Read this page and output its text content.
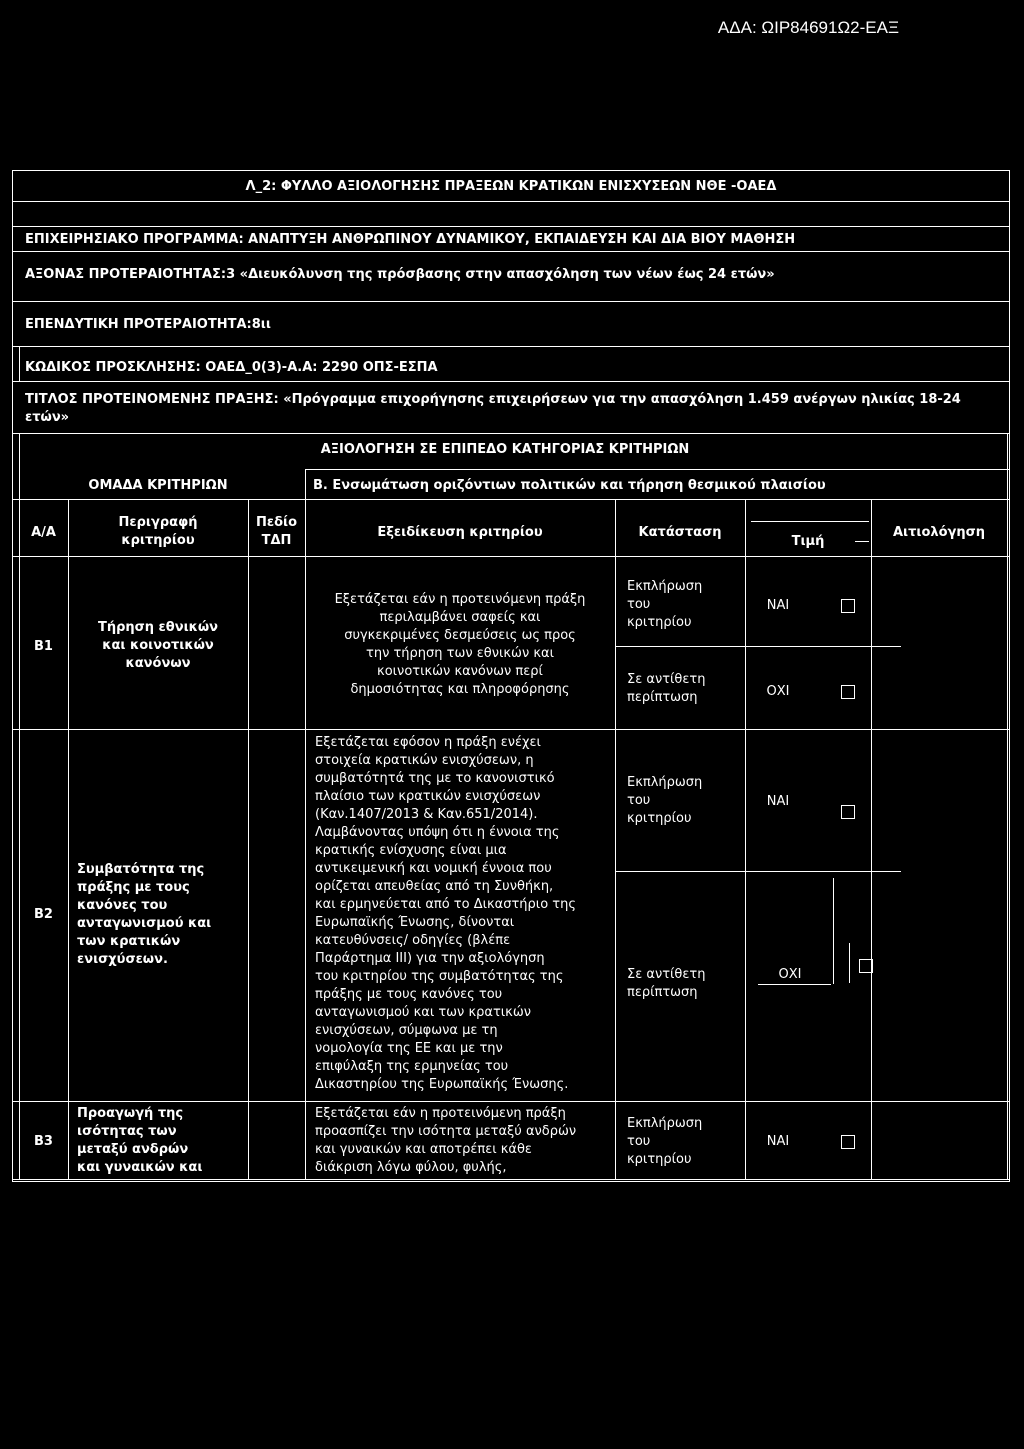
ΑΔΑ: ΩΙΡ84691Ω2-ΕΑΞ
Λ_2: ΦΥΛΛΟ ΑΞΙΟΛΟΓΗΣΗΣ ΠΡΑΞΕΩΝ ΚΡΑΤΙΚΩΝ ΕΝΙΣΧΥΣΕΩΝ ΝΘΕ -ΟΑΕΔ
ΕΠΙΧΕΙΡΗΣΙΑΚΟ ΠΡΟΓΡΑΜΜΑ: ΑΝΑΠΤΥΞΗ ΑΝΘΡΩΠΙΝΟΥ ΔΥΝΑΜΙΚΟΥ, ΕΚΠΑΙΔΕΥΣΗ ΚΑΙ ΔΙΑ ΒΙΟΥ ΜΑΘΗΣΗ
ΑΞΟΝΑΣ ΠΡΟΤΕΡΑΙΟΤΗΤΑΣ:3 «Διευκόλυνση της πρόσβασης στην απασχόληση των νέων έως 24 ετών»
ΕΠΕΝΔΥΤΙΚΗ ΠΡΟΤΕΡΑΙΟΤΗΤΑ:8ιι
ΚΩΔΙΚΟΣ ΠΡΟΣΚΛΗΣΗΣ: ΟΑΕΔ_0(3)-Α.Α: 2290 ΟΠΣ-ΕΣΠΑ
ΤΙΤΛΟΣ ΠΡΟΤΕΙΝΟΜΕΝΗΣ ΠΡΑΞΗΣ: «Πρόγραμμα επιχορήγησης επιχειρήσεων για την απασχόληση 1.459 ανέργων ηλικίας 18-24 ετών»
ΑΞΙΟΛΟΓΗΣΗ ΣΕ ΕΠΙΠΕΔΟ ΚΑΤΗΓΟΡΙΑΣ ΚΡΙΤΗΡΙΩΝ
ΟΜΑΔΑ ΚΡΙΤΗΡΙΩΝ	Β. Ενσωμάτωση οριζόντιων πολιτικών και τήρηση θεσμικού πλαισίου
Α/Α
Περιγραφή
κριτηρίου
Πεδίο
ΤΔΠ
Εξειδίκευση κριτηρίου	Κατάσταση
Τιμή
Αιτιολόγηση
Β1
Τήρηση εθνικών
και κοινοτικών
κανόνων
Εξετάζεται εάν η προτεινόμενη πράξη
περιλαμβάνει σαφείς και
συγκεκριμένες δεσμεύσεις ως προς
την τήρηση των εθνικών και
κοινοτικών κανόνων περί
δημοσιότητας και πληροφόρησης
Εκπλήρωση
του
κριτηρίου
Σε αντίθετη
περίπτωση
ΝΑΙ
ΟΧΙ
Β2
Συμβατότητα της
πράξης με τους
κανόνες του
ανταγωνισμού και
των κρατικών
ενισχύσεων.
Εξετάζεται εφόσον η πράξη ενέχει
στοιχεία κρατικών ενισχύσεων, η
συμβατότητά της με το κανονιστικό
πλαίσιο των κρατικών ενισχύσεων
(Καν.1407/2013 & Καν.651/2014).
Λαμβάνοντας υπόψη ότι η έννοια της
κρατικής ενίσχυσης είναι μια
αντικειμενική και νομική έννοια που
ορίζεται απευθείας από τη Συνθήκη,
και ερμηνεύεται από το Δικαστήριο της
Ευρωπαϊκής Ένωσης, δίνονται
κατευθύνσεις/ οδηγίες (βλέπε
Παράρτημα ΙΙΙ) για την αξιολόγηση
του κριτηρίου της συμβατότητας της
πράξης με τους κανόνες του
ανταγωνισμού και των κρατικών
ενισχύσεων, σύμφωνα με τη
νομολογία της ΕΕ και με την
επιφύλαξη της ερμηνείας του
Δικαστηρίου της Ευρωπαϊκής Ένωσης.
Εκπλήρωση
του
κριτηρίου
Σε αντίθετη
περίπτωση
ΝΑΙ
ΟΧΙ
Β3
Προαγωγή της
ισότητας των
μεταξύ ανδρών
και γυναικών και
Εξετάζεται εάν η προτεινόμενη πράξη
προασπίζει την ισότητα μεταξύ ανδρών
και γυναικών και αποτρέπει κάθε
διάκριση λόγω φύλου, φυλής,
Εκπλήρωση
του
κριτηρίου
ΝΑΙ
